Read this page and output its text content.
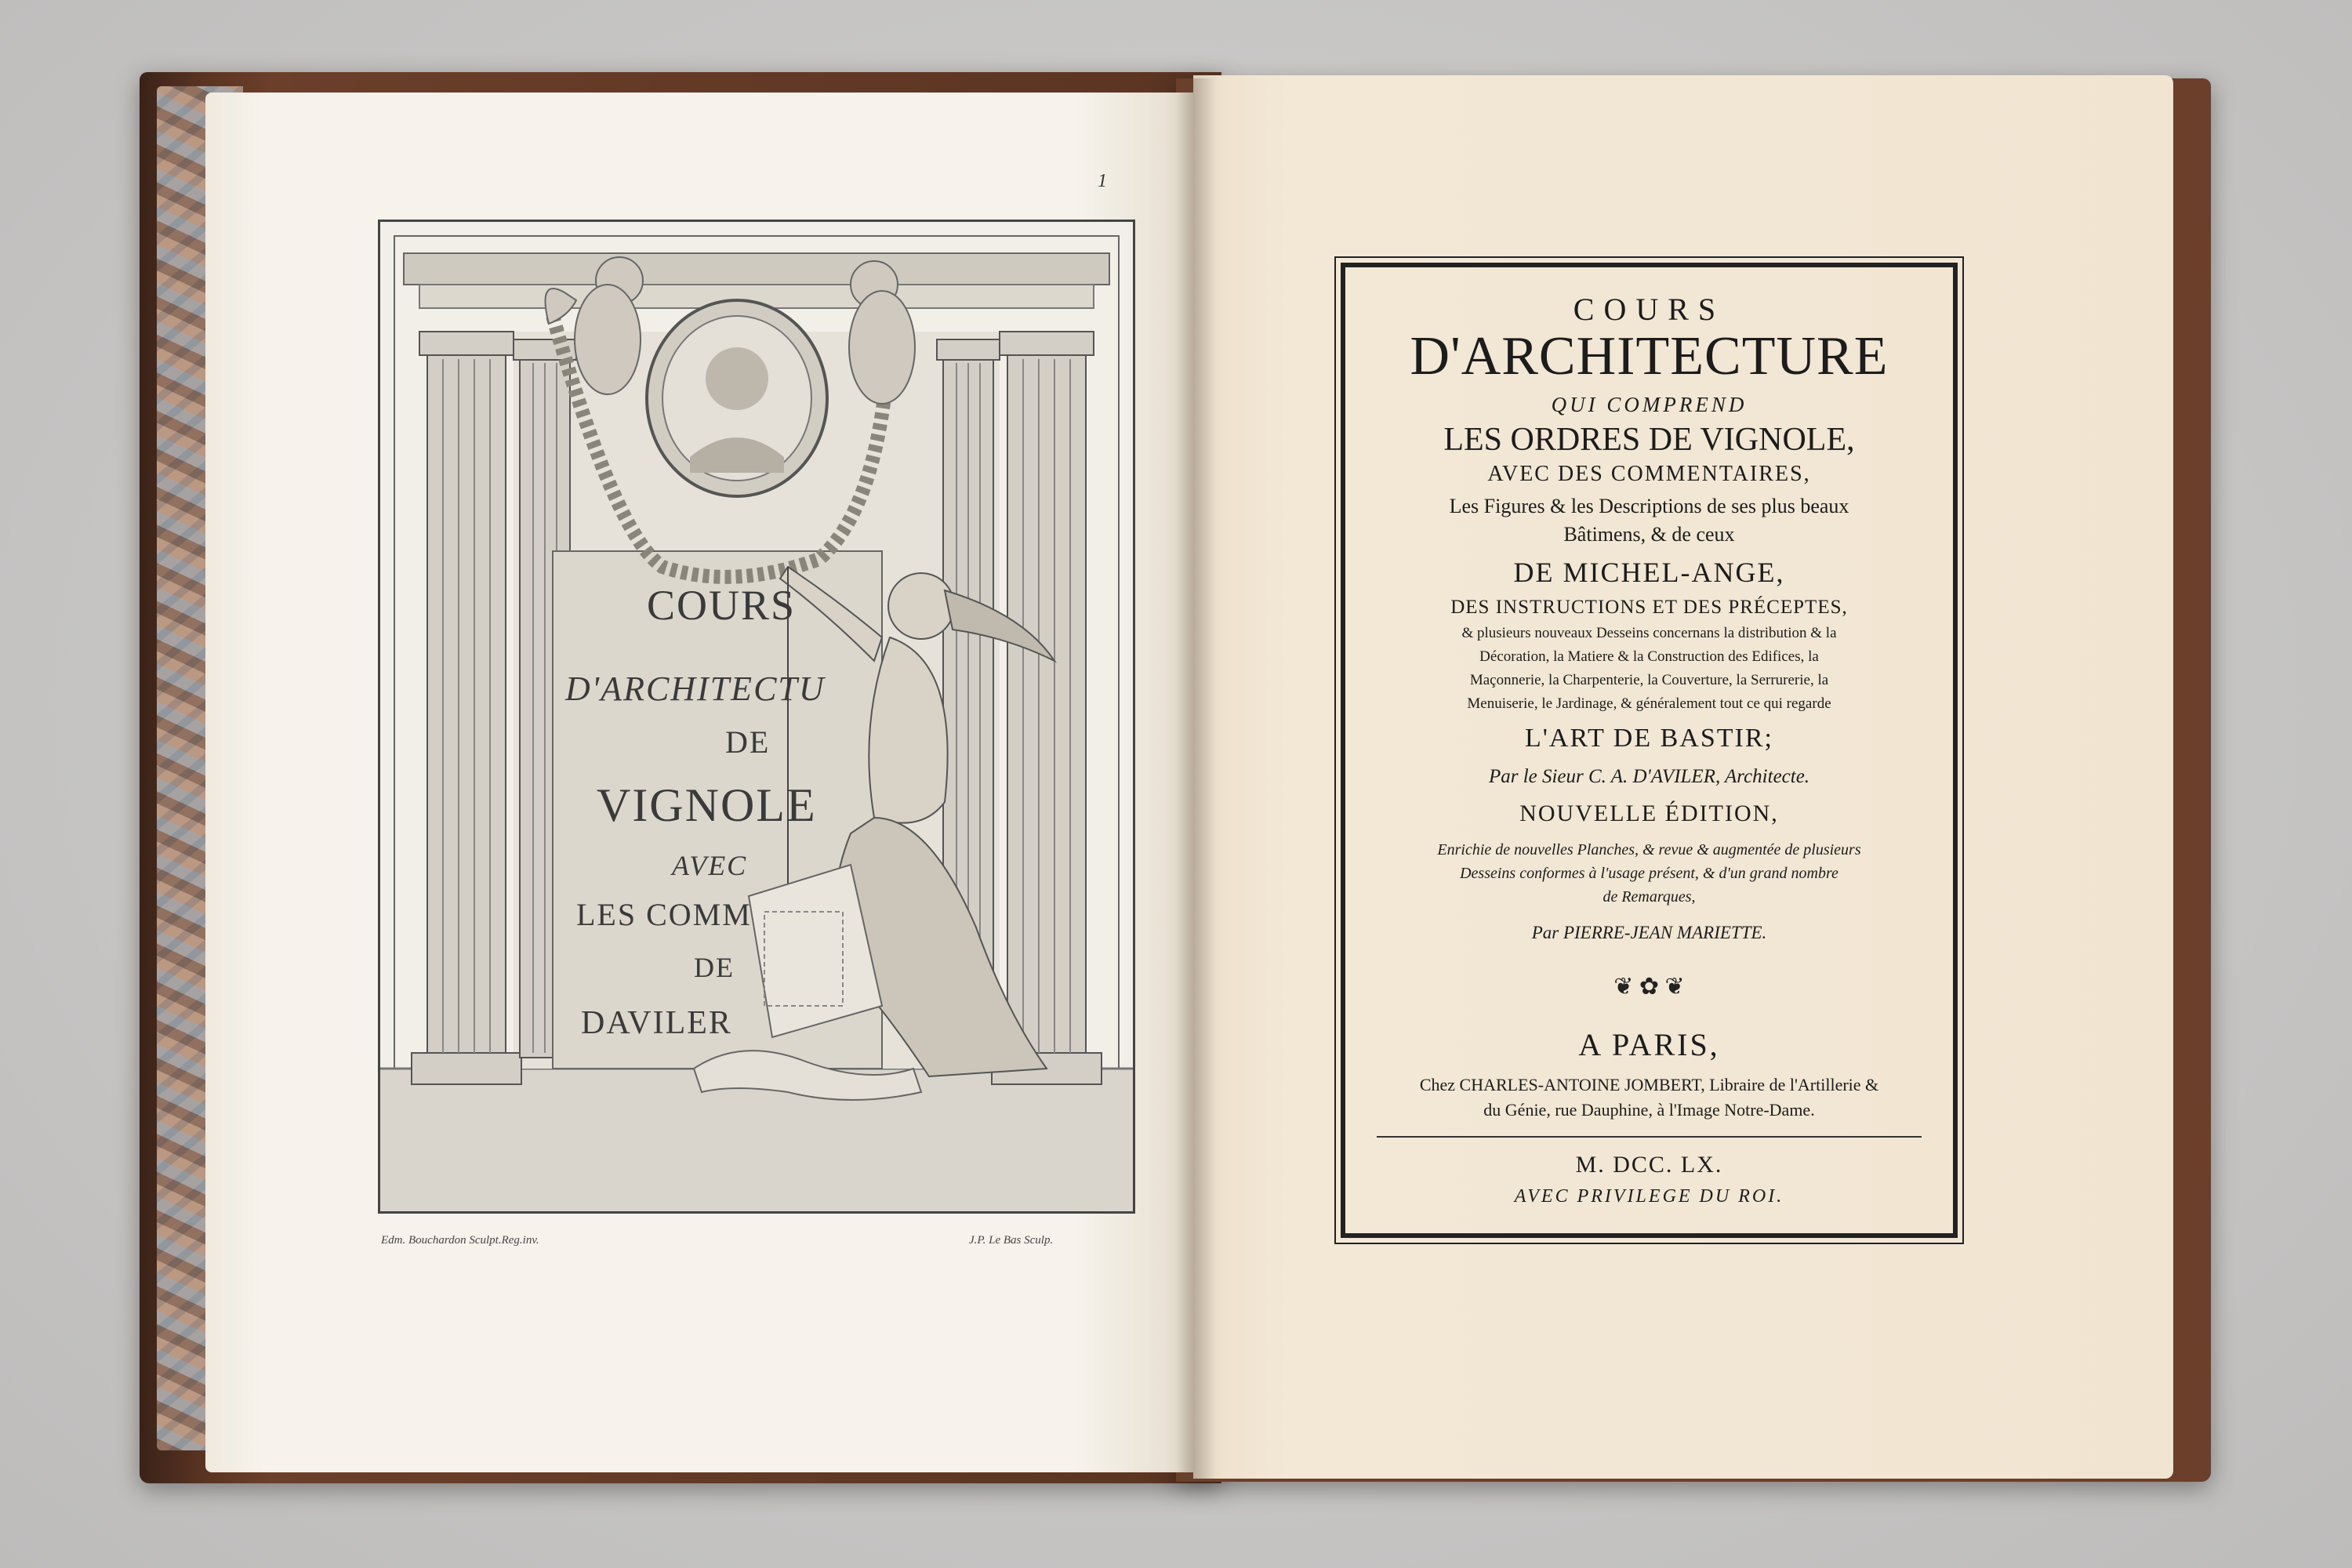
1
COURS
D'ARCHITECTU
DE
VIGNOLE
AVEC
LES COMM
DE
DAVILER
Edm. Bouchardon Sculpt.Reg.inv.	J.P. Le Bas Sculp.
COURS
D'ARCHITECTURE
QUI COMPREND
LES ORDRES DE VIGNOLE,
AVEC DES COMMENTAIRES,
Les Figures & les Descriptions de ses plus beaux
Bâtimens, & de ceux
DE MICHEL-ANGE,
DES INSTRUCTIONS ET DES PRÉCEPTES,
& plusieurs nouveaux Desseins concernans la distribution & la
Décoration, la Matiere & la Construction des Edifices, la
Maçonnerie, la Charpenterie, la Couverture, la Serrurerie, la
Menuiserie, le Jardinage, & généralement tout ce qui regarde
L'ART DE BASTIR;
Par le Sieur C. A. D'AVILER, Architecte.
NOUVELLE ÉDITION,
Enrichie de nouvelles Planches, & revue & augmentée de plusieurs
Desseins conformes à l'usage présent, & d'un grand nombre
de Remarques,
Par PIERRE-JEAN MARIETTE.
❦ ✿ ❦
A PARIS,
Chez CHARLES-ANTOINE JOMBERT, Libraire de l'Artillerie &
du Génie, rue Dauphine, à l'Image Notre-Dame.
M. DCC. LX.
AVEC PRIVILEGE DU ROI.
